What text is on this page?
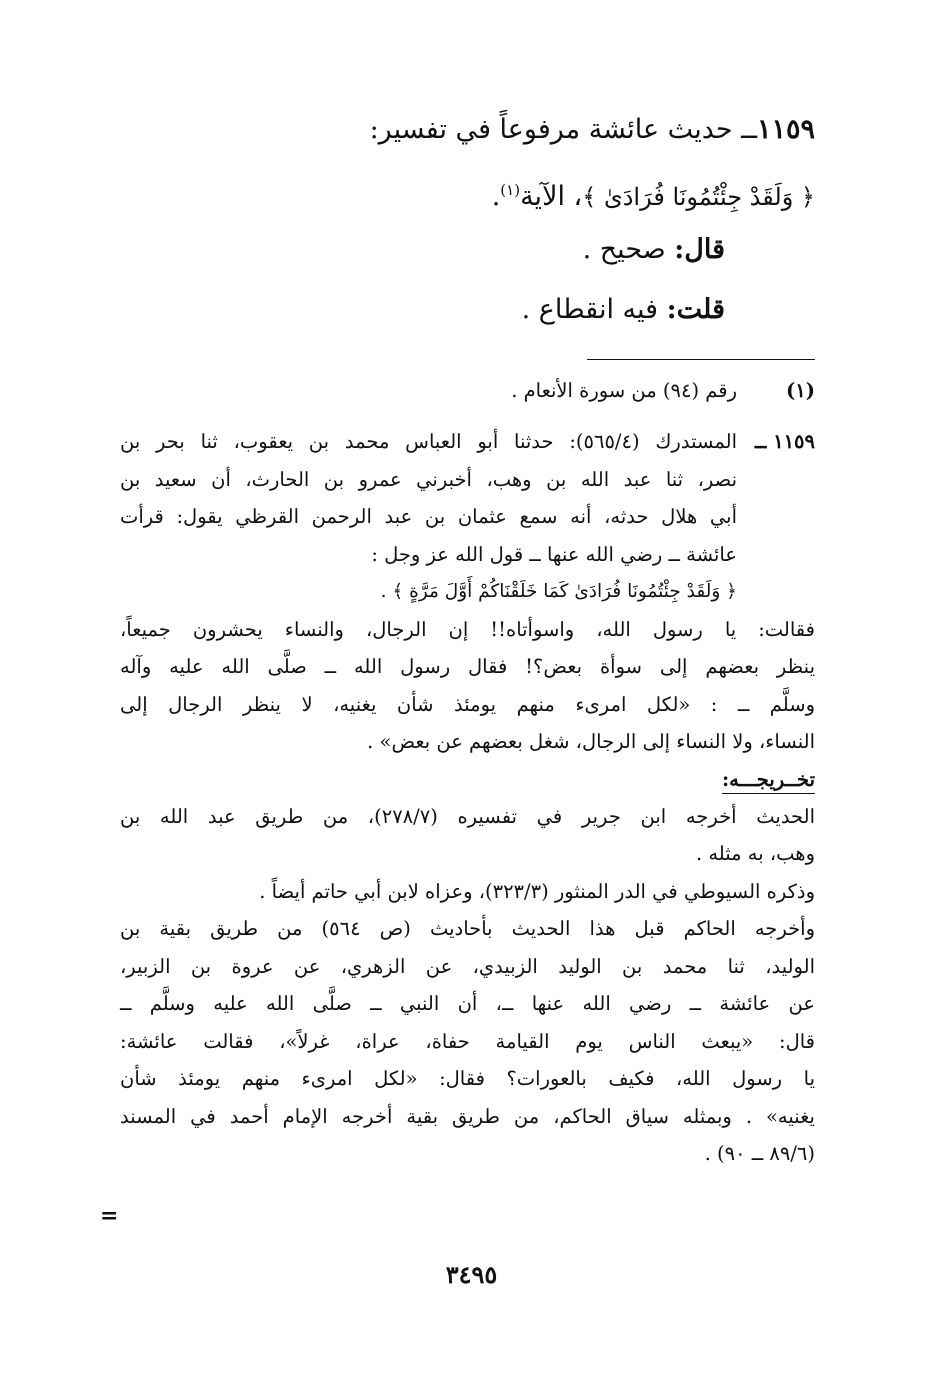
١١٥٩ــ حديث عائشة مرفوعاً في تفسير:
﴿ وَلَقَدْ جِئْتُمُونَا فُرَادَىٰ ﴾، الآية$^{(١)}$.
قال: صحيح .
قلت: فيه انقطاع .
(١)
رقم (٩٤) من سورة الأنعام .
١١٥٩ ــ
المستدرك (٥٦٥/٤): حدثنا أبو العباس محمد بن يعقوب، ثنا بحر بن
نصر، ثنا عبد الله بن وهب، أخبرني عمرو بن الحارث، أن سعيد بن
أبي هلال حدثه، أنه سمع عثمان بن عبد الرحمن القرظي يقول: قرأت
عائشة ــ رضي الله عنها ــ قول الله عز وجل :
﴿ وَلَقَدْ جِئْتُمُونَا فُرَادَىٰ كَمَا خَلَقْنَاكُمْ أَوَّلَ مَرَّةٍ ﴾ .
فقالت: يا رسول الله، واسوأتاه!! إن الرجال، والنساء يحشرون جميعاً،
ينظر بعضهم إلى سوأة بعض؟! فقال رسول الله ــ صلَّى الله عليه وآله
وسلَّم ــ : «لكل امرىء منهم يومئذ شأن يغنيه، لا ينظر الرجال إلى
النساء، ولا النساء إلى الرجال، شغل بعضهم عن بعض» .
تخــريجـــه:
الحديث أخرجه ابن جرير في تفسيره (٢٧٨/٧)، من طريق عبد الله بن
وهب، به مثله .
وذكره السيوطي في الدر المنثور (٣٢٣/٣)، وعزاه لابن أبي حاتم أيضاً .
وأخرجه الحاكم قبل هذا الحديث بأحاديث (ص ٥٦٤) من طريق بقية بن
الوليد، ثنا محمد بن الوليد الزبيدي، عن الزهري، عن عروة بن الزبير،
عن عائشة ــ رضي الله عنها ــ، أن النبي ــ صلَّى الله عليه وسلَّم ــ
قال: «يبعث الناس يوم القيامة حفاة، عراة، غرلاً»، فقالت عائشة:
يا رسول الله، فكيف بالعورات؟ فقال: «لكل امرىء منهم يومئذ شأن
يغنيه» . وبمثله سياق الحاكم، من طريق بقية أخرجه الإمام أحمد في المسند
(٨٩/٦ ــ ٩٠) .
=
٣٤٩٥
